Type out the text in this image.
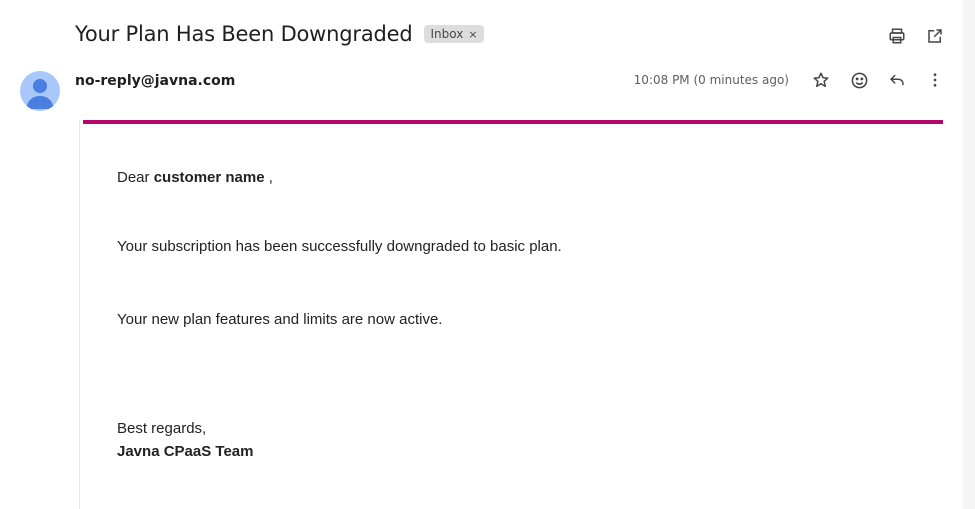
Your Plan Has Been Downgraded Inbox ×
no-reply@javna.com	10:08 PM (0 minutes ago)
Dear customer name ,
Your subscription has been successfully downgraded to basic plan.
Your new plan features and limits are now active.
Best regards,
Javna CPaaS Team
